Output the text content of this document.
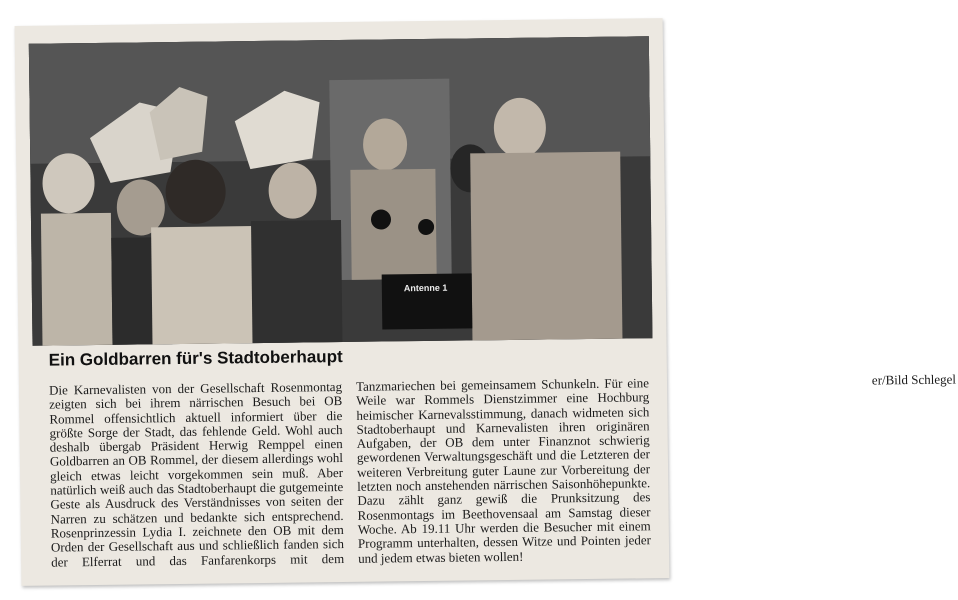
Antenne 1
Ein Goldbarren für's Stadtoberhaupt

Die Karnevalisten von der Gesellschaft Rosenmontag zeigten sich bei ihrem närrischen Besuch bei OB Rommel offensichtlich aktuell informiert über die größte Sorge der Stadt, das fehlende Geld. Wohl auch deshalb übergab Präsident Herwig Remppel einen Goldbarren an OB Rommel, der diesem allerdings wohl gleich etwas leicht vorgekommen sein muß. Aber natürlich weiß auch das Stadtoberhaupt die gutgemeinte Geste als Ausdruck des Verständnisses von seiten der Narren zu schätzen und bedankte sich entsprechend. Rosenprinzessin Lydia I. zeichnete den OB mit dem Orden der Gesellschaft aus und schließlich fanden sich der Elferrat und das Fanfarenkorps mit dem Tanzmariechen bei gemeinsamem Schunkeln. Für eine Weile war Rommels Dienstzimmer eine Hochburg heimischer Karnevalsstimmung, danach widmeten sich Stadtoberhaupt und Karnevalisten ihren originären Aufgaben, der OB dem unter Finanznot schwierig gewordenen Verwaltungsgeschäft und die Letzteren der weiteren Verbreitung guter Laune zur Vorbereitung der letzten noch anstehenden närrischen Saisonhöhepunkte. Dazu zählt ganz gewiß die Prunksitzung des Rosenmontags im Beethovensaal am Samstag dieser Woche. Ab 19.11 Uhr werden die Besucher mit einem Programm unterhalten, dessen Witze und Pointen jeder und jedem etwas bieten wollen!

er/Bild Schlegel
